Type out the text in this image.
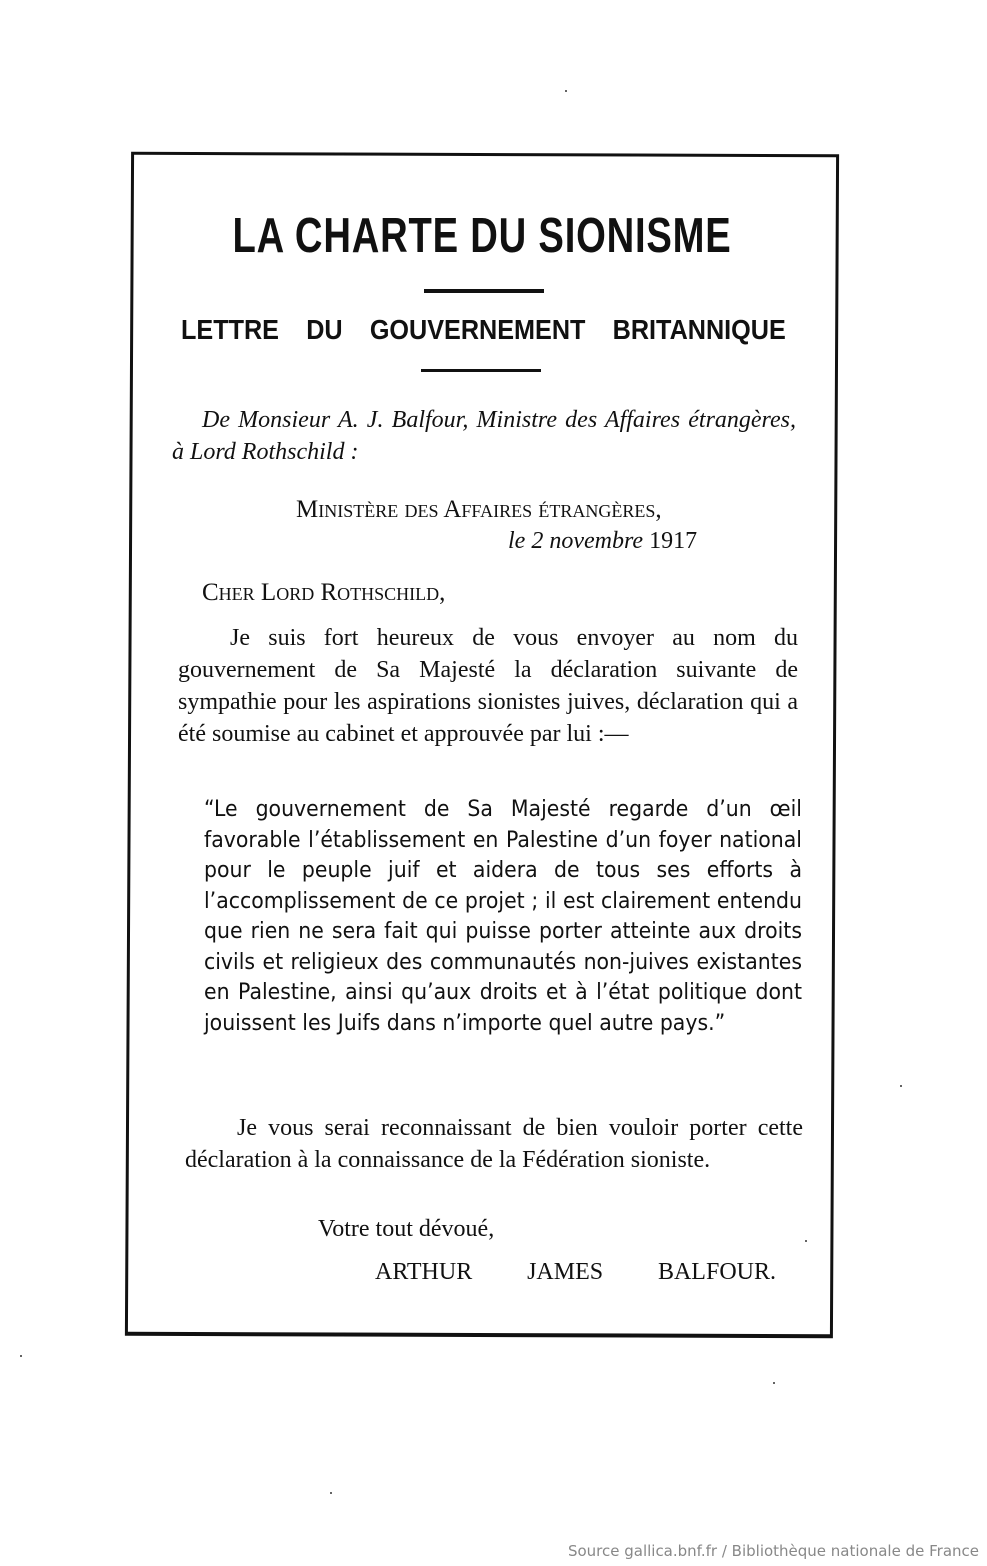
LA CHARTE DU SIONISME
LETTRE DU GOUVERNEMENT BRITANNIQUE

De Monsieur A. J. Balfour, Ministre des Affaires étrangères, à Lord Rothschild :

Ministère des Affaires étrangères,
le 2 novembre 1917
Cher Lord Rothschild,

Je suis fort heureux de vous envoyer au nom du gouvernement de Sa Majesté la déclaration suivante de sympathie pour les aspirations sionistes juives, déclaration qui a été soumise au cabinet et approuvée par lui :—

“Le gouvernement de Sa Majesté regarde d’un œil favorable l’établissement en Palestine d’un foyer national pour le peuple juif et aidera de tous ses efforts à l’accomplissement de ce projet ; il est clairement entendu que rien ne sera fait qui puisse porter atteinte aux droits civils et religieux des communautés non-juives existantes en Palestine, ainsi qu’aux droits et à l’état politique dont jouissent les Juifs dans n’importe quel autre pays.”

Je vous serai reconnaissant de bien vouloir porter cette déclaration à la connaissance de la Fédération sioniste.

Votre tout dévoué,
ARTHUR JAMES BALFOUR.
Source gallica.bnf.fr / Bibliothèque nationale de France
